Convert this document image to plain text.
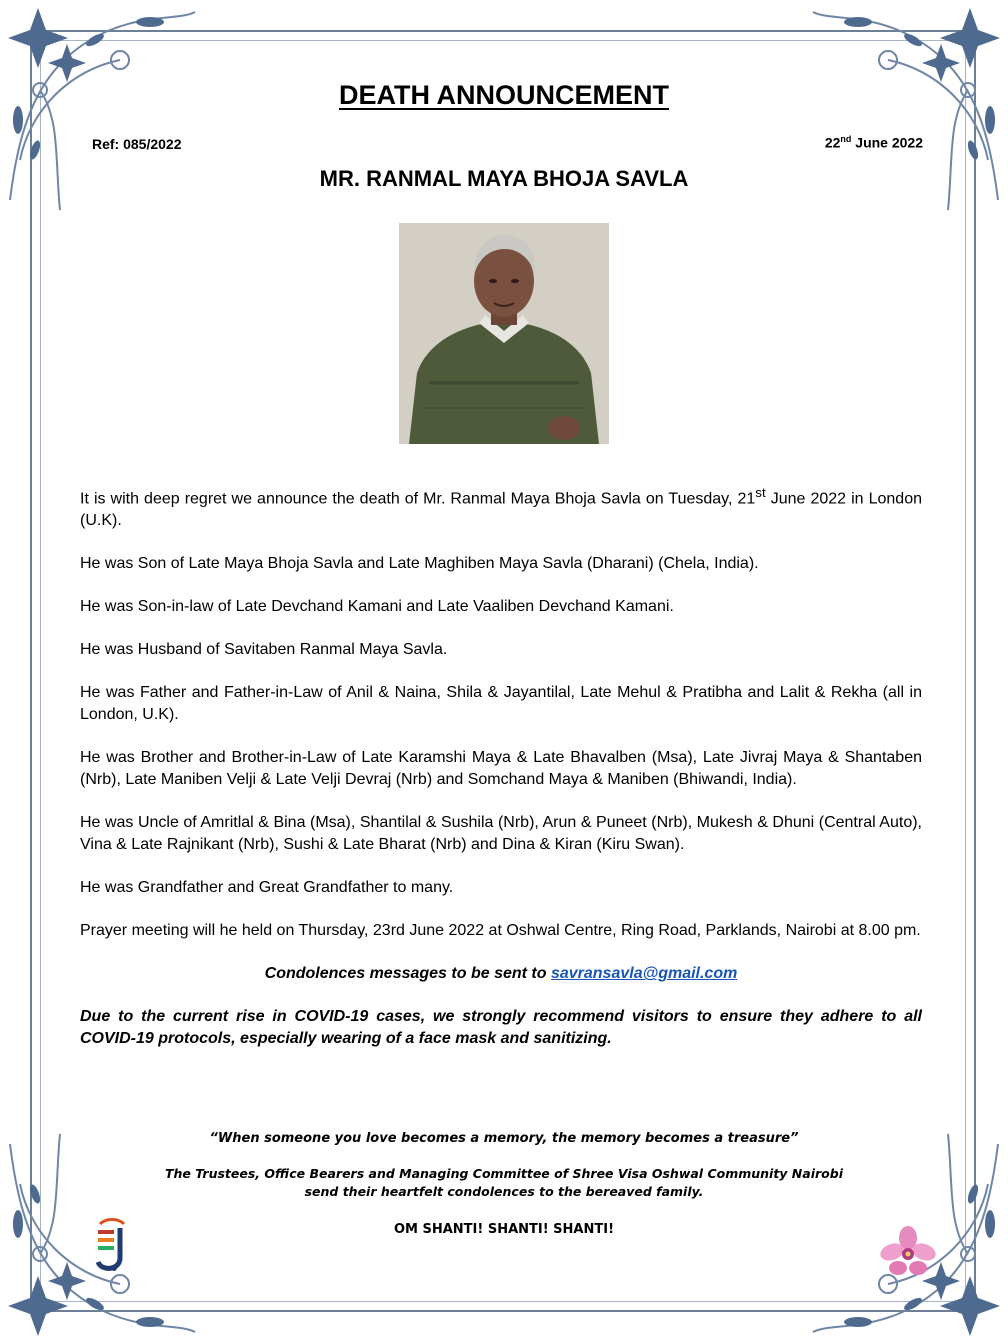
DEATH ANNOUNCEMENT
Ref: 085/2022	22nd June 2022
MR. RANMAL MAYA BHOJA SAVLA

It is with deep regret we announce the death of Mr. Ranmal Maya Bhoja Savla on Tuesday, 21st June 2022 in London (U.K).

He was Son of Late Maya Bhoja Savla and Late Maghiben Maya Savla (Dharani) (Chela, India).

He was Son-in-law of Late Devchand Kamani and Late Vaaliben Devchand Kamani.

He was Husband of Savitaben Ranmal Maya Savla.

He was Father and Father-in-Law of Anil & Naina, Shila & Jayantilal, Late Mehul & Pratibha and Lalit & Rekha (all in London, U.K).

He was Brother and Brother-in-Law of Late Karamshi Maya & Late Bhavalben (Msa), Late Jivraj Maya & Shantaben (Nrb), Late Maniben Velji & Late Velji Devraj (Nrb) and Somchand Maya & Maniben (Bhiwandi, India).

He was Uncle of Amritlal & Bina (Msa), Shantilal & Sushila (Nrb), Arun & Puneet (Nrb), Mukesh & Dhuni (Central Auto), Vina & Late Rajnikant (Nrb), Sushi & Late Bharat (Nrb) and Dina & Kiran (Kiru Swan).

He was Grandfather and Great Grandfather to many.

Prayer meeting will he held on Thursday, 23rd June 2022 at Oshwal Centre, Ring Road, Parklands, Nairobi at 8.00 pm.

Condolences messages to be sent to savransavla@gmail.com

Due to the current rise in COVID-19 cases, we strongly recommend visitors to ensure they adhere to all COVID-19 protocols, especially wearing of a face mask and sanitizing.

“When someone you love becomes a memory, the memory becomes a treasure”
The Trustees, Office Bearers and Managing Committee of Shree Visa Oshwal Community Nairobi
send their heartfelt condolences to the bereaved family.
OM SHANTI! SHANTI! SHANTI!
